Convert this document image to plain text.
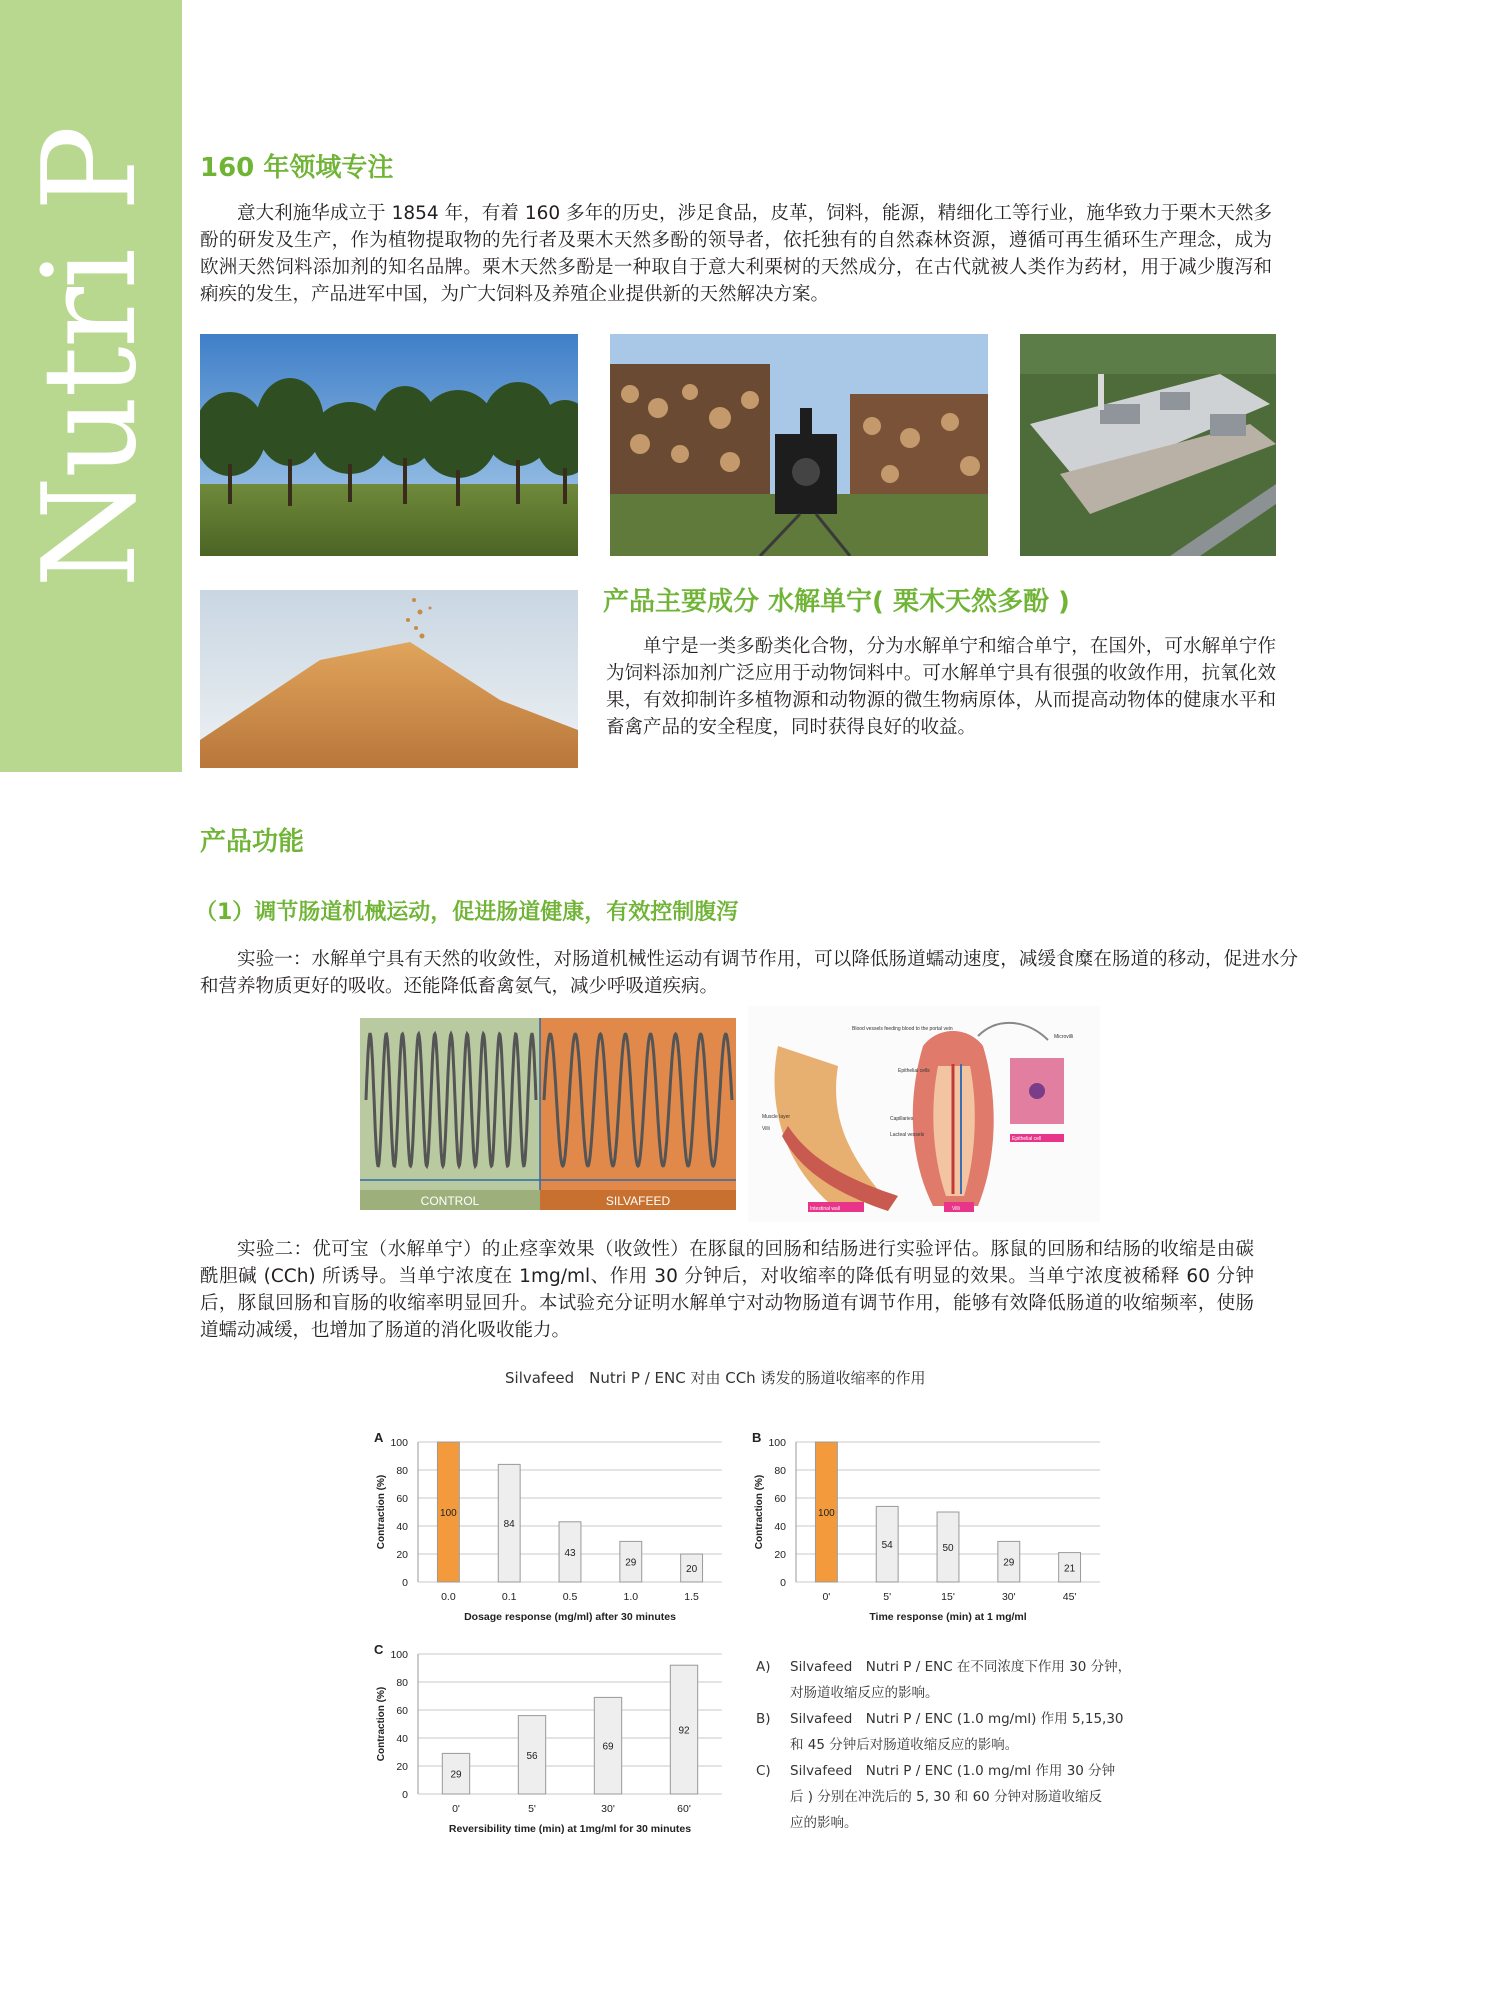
Nutri P 160 年领域专注
意大利施华成立于 1854 年，有着 160 多年的历史，涉足食品，皮革，饲料，能源，精细化工等行业，施华致力于栗木天然多酚的研发及生产，作为植物提取物的先行者及栗木天然多酚的领导者，依托独有的自然森林资源，遵循可再生循环生产理念，成为欧洲天然饲料添加剂的知名品牌。栗木天然多酚是一种取自于意大利栗树的天然成分，在古代就被人类作为药材，用于减少腹泻和痢疾的发生，产品进军中国，为广大饲料及养殖企业提供新的天然解决方案。
产品主要成分 水解单宁( 栗木天然多酚 )
单宁是一类多酚类化合物，分为水解单宁和缩合单宁，在国外，可水解单宁作为饲料添加剂广泛应用于动物饲料中。可水解单宁具有很强的收敛作用，抗氧化效果，有效抑制许多植物源和动物源的微生物病原体，从而提高动物体的健康水平和畜禽产品的安全程度，同时获得良好的收益。
产品功能
（1）调节肠道机械运动，促进肠道健康，有效控制腹泻
实验一：水解单宁具有天然的收敛性，对肠道机械性运动有调节作用，可以降低肠道蠕动速度，减缓食糜在肠道的移动，促进水分和营养物质更好的吸收。还能降低畜禽氨气，减少呼吸道疾病。
CONTROL	SILVAFEED
Blood vessels feeding blood to the portal vein
Microvilli
Epithelial cells
Muscle layer
Villi
Capillaries
Lacteal vessels
Epithelial cell
Intestinal wall	Villi
实验二：优可宝（水解单宁）的止痉挛效果（收敛性）在豚鼠的回肠和结肠进行实验评估。豚鼠的回肠和结肠的收缩是由碳酰胆碱 (CCh) 所诱导。当单宁浓度在 1mg/ml、作用 30 分钟后，对收缩率的降低有明显的效果。当单宁浓度被稀释 60 分钟后，豚鼠回肠和盲肠的收缩率明显回升。本试验充分证明水解单宁对动物肠道有调节作用，能够有效降低肠道的收缩频率，使肠道蠕动减缓，也增加了肠道的消化吸收能力。
Silvafeed　Nutri P / ENC 对由 CCh 诱发的肠道收缩率的作用
A
0
20
40
60
80
100
Contraction (%)	100
0.0
84
0.1
43
0.5
29
1.0
20
1.5
Dosage response (mg/ml) after 30 minutes
B
0
20
40
60
80
100
Contraction (%)	100
0'
54
5'
50
15'
29
30'
21
45'
Time response (min) at 1 mg/ml
C
0
20
40
60
80
100
Contraction (%)
29
0'
56
5'
69
30'
92
60'
Reversibility time (min) at 1mg/ml for 30 minutes
A)	Silvafeed　Nutri P / ENC 在不同浓度下作用 30 分钟，
对肠道收缩反应的影响。
B)	Silvafeed　Nutri P / ENC (1.0 mg/ml) 作用 5,15,30
和 45 分钟后对肠道收缩反应的影响。
C)	Silvafeed　Nutri P / ENC (1.0 mg/ml 作用 30 分钟
后 ) 分别在冲洗后的 5, 30 和 60 分钟对肠道收缩反
应的影响。
